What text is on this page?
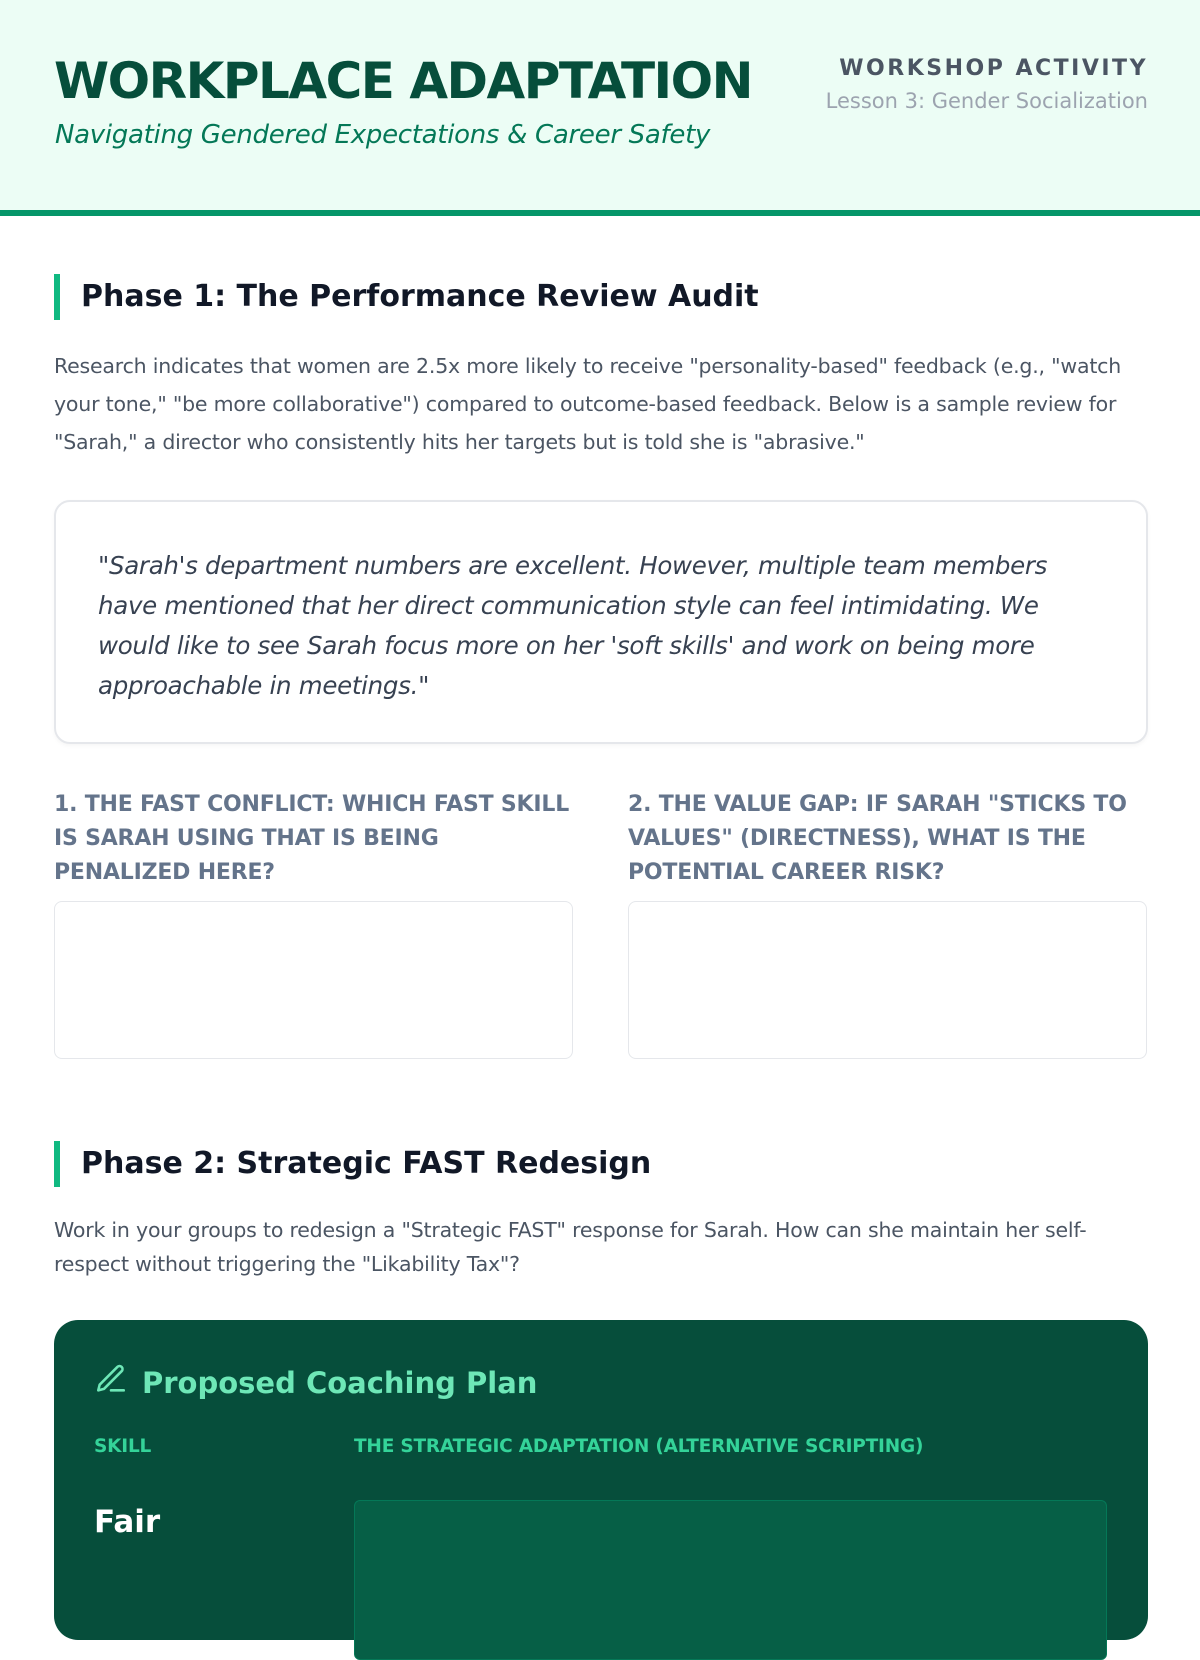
WORKPLACE ADAPTATION
Navigating Gendered Expectations & Career Safety
WORKSHOP ACTIVITY
Lesson 3: Gender Socialization
Phase 1: The Performance Review Audit
Research indicates that women are 2.5x more likely to receive "personality-based" feedback (e.g., "watch your tone," "be more collaborative") compared to outcome-based feedback. Below is a sample review for "Sarah," a director who consistently hits her targets but is told she is "abrasive."
"Sarah's department numbers are excellent. However, multiple team members have mentioned that her direct communication style can feel intimidating. We would like to see Sarah focus more on her 'soft skills' and work on being more approachable in meetings."
1. THE FAST CONFLICT: WHICH FAST SKILL IS SARAH USING THAT IS BEING PENALIZED HERE?
2. THE VALUE GAP: IF SARAH "STICKS TO VALUES" (DIRECTNESS), WHAT IS THE POTENTIAL CAREER RISK?
Phase 2: Strategic FAST Redesign
Work in your groups to redesign a "Strategic FAST" response for Sarah. How can she maintain her self-respect without triggering the "Likability Tax"?
Proposed Coaching Plan
SKILL	THE STRATEGIC ADAPTATION (ALTERNATIVE SCRIPTING)
Fair
